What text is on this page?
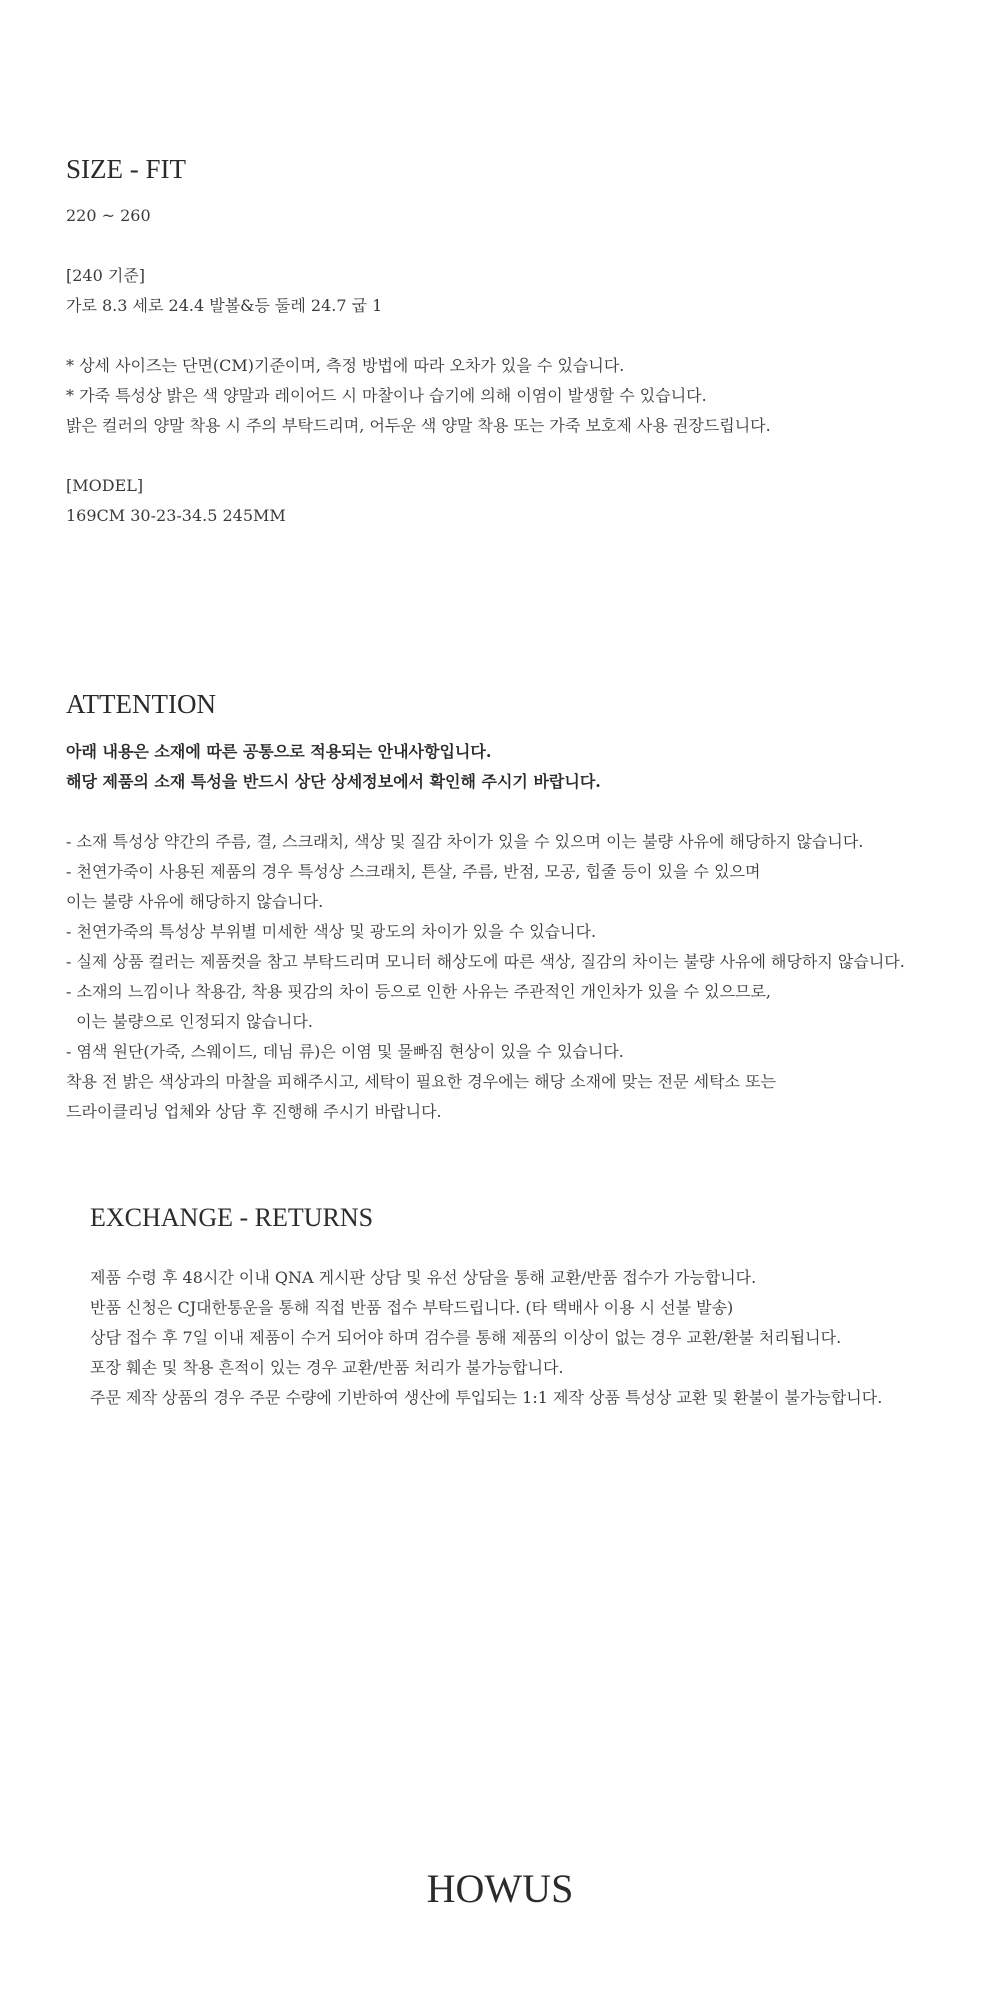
SIZE - FIT
220 ~ 260
[240 기준]
가로 8.3 세로 24.4 발볼&등 둘레 24.7 굽 1
* 상세 사이즈는 단면(CM)기준이며, 측정 방법에 따라 오차가 있을 수 있습니다.
* 가죽 특성상 밝은 색 양말과 레이어드 시 마찰이나 습기에 의해 이염이 발생할 수 있습니다.
밝은 컬러의 양말 착용 시 주의 부탁드리며, 어두운 색 양말 착용 또는 가죽 보호제 사용 권장드립니다.
[MODEL]
169CM 30-23-34.5 245MM
ATTENTION
아래 내용은 소재에 따른 공통으로 적용되는 안내사항입니다.
해당 제품의 소재 특성을 반드시 상단 상세정보에서 확인해 주시기 바랍니다.
- 소재 특성상 약간의 주름, 결, 스크래치, 색상 및 질감 차이가 있을 수 있으며 이는 불량 사유에 해당하지 않습니다.
- 천연가죽이 사용된 제품의 경우 특성상 스크래치, 튼살, 주름, 반점, 모공, 힙줄 등이 있을 수 있으며
이는 불량 사유에 해당하지 않습니다.
- 천연가죽의 특성상 부위별 미세한 색상 및 광도의 차이가 있을 수 있습니다.
- 실제 상품 컬러는 제품컷을 참고 부탁드리며 모니터 해상도에 따른 색상, 질감의 차이는 불량 사유에 해당하지 않습니다.
- 소재의 느낌이나 착용감, 착용 핏감의 차이 등으로 인한 사유는 주관적인 개인차가 있을 수 있으므로,
이는 불량으로 인정되지 않습니다.
- 염색 원단(가죽, 스웨이드, 데님 류)은 이염 및 물빠짐 현상이 있을 수 있습니다.
착용 전 밝은 색상과의 마찰을 피해주시고, 세탁이 필요한 경우에는 해당 소재에 맞는 전문 세탁소 또는
드라이클리닝 업체와 상담 후 진행해 주시기 바랍니다.
EXCHANGE - RETURNS
제품 수령 후 48시간 이내 QNA 게시판 상담 및 유선 상담을 통해 교환/반품 접수가 가능합니다.
반품 신청은 CJ대한통운을 통해 직접 반품 접수 부탁드립니다. (타 택배사 이용 시 선불 발송)
상담 접수 후 7일 이내 제품이 수거 되어야 하며 검수를 통해 제품의 이상이 없는 경우 교환/환불 처리됩니다.
포장 훼손 및 착용 흔적이 있는 경우 교환/반품 처리가 불가능합니다.
주문 제작 상품의 경우 주문 수량에 기반하여 생산에 투입되는 1:1 제작 상품 특성상 교환 및 환불이 불가능합니다.
HOWUS
